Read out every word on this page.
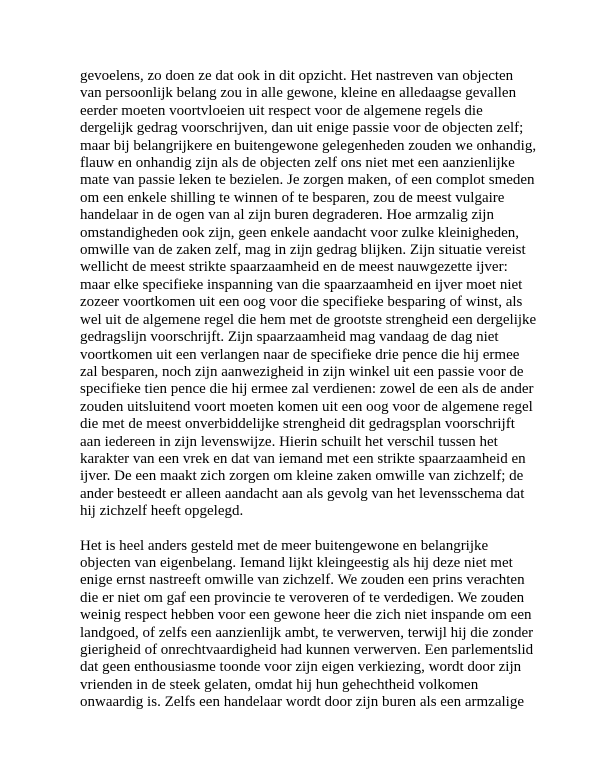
gevoelens, zo doen ze dat ook in dit opzicht. Het nastreven van objecten
van persoonlijk belang zou in alle gewone, kleine en alledaagse gevallen
eerder moeten voortvloeien uit respect voor de algemene regels die
dergelijk gedrag voorschrijven, dan uit enige passie voor de objecten zelf;
maar bij belangrijkere en buitengewone gelegenheden zouden we onhandig,
flauw en onhandig zijn als de objecten zelf ons niet met een aanzienlijke
mate van passie leken te bezielen. Je zorgen maken, of een complot smeden
om een enkele shilling te winnen of te besparen, zou de meest vulgaire
handelaar in de ogen van al zijn buren degraderen. Hoe armzalig zijn
omstandigheden ook zijn, geen enkele aandacht voor zulke kleinigheden,
omwille van de zaken zelf, mag in zijn gedrag blijken. Zijn situatie vereist
wellicht de meest strikte spaarzaamheid en de meest nauwgezette ijver:
maar elke specifieke inspanning van die spaarzaamheid en ijver moet niet
zozeer voortkomen uit een oog voor die specifieke besparing of winst, als
wel uit de algemene regel die hem met de grootste strengheid een dergelijke
gedragslijn voorschrijft. Zijn spaarzaamheid mag vandaag de dag niet
voortkomen uit een verlangen naar de specifieke drie pence die hij ermee
zal besparen, noch zijn aanwezigheid in zijn winkel uit een passie voor de
specifieke tien pence die hij ermee zal verdienen: zowel de een als de ander
zouden uitsluitend voort moeten komen uit een oog voor de algemene regel
die met de meest onverbiddelijke strengheid dit gedragsplan voorschrijft
aan iedereen in zijn levenswijze. Hierin schuilt het verschil tussen het
karakter van een vrek en dat van iemand met een strikte spaarzaamheid en
ijver. De een maakt zich zorgen om kleine zaken omwille van zichzelf; de
ander besteedt er alleen aandacht aan als gevolg van het levensschema dat
hij zichzelf heeft opgelegd.

Het is heel anders gesteld met de meer buitengewone en belangrijke
objecten van eigenbelang. Iemand lijkt kleingeestig als hij deze niet met
enige ernst nastreeft omwille van zichzelf. We zouden een prins verachten
die er niet om gaf een provincie te veroveren of te verdedigen. We zouden
weinig respect hebben voor een gewone heer die zich niet inspande om een
landgoed, of zelfs een aanzienlijk ambt, te verwerven, terwijl hij die zonder
gierigheid of onrechtvaardigheid had kunnen verwerven. Een parlementslid
dat geen enthousiasme toonde voor zijn eigen verkiezing, wordt door zijn
vrienden in de steek gelaten, omdat hij hun gehechtheid volkomen
onwaardig is. Zelfs een handelaar wordt door zijn buren als een armzalige
